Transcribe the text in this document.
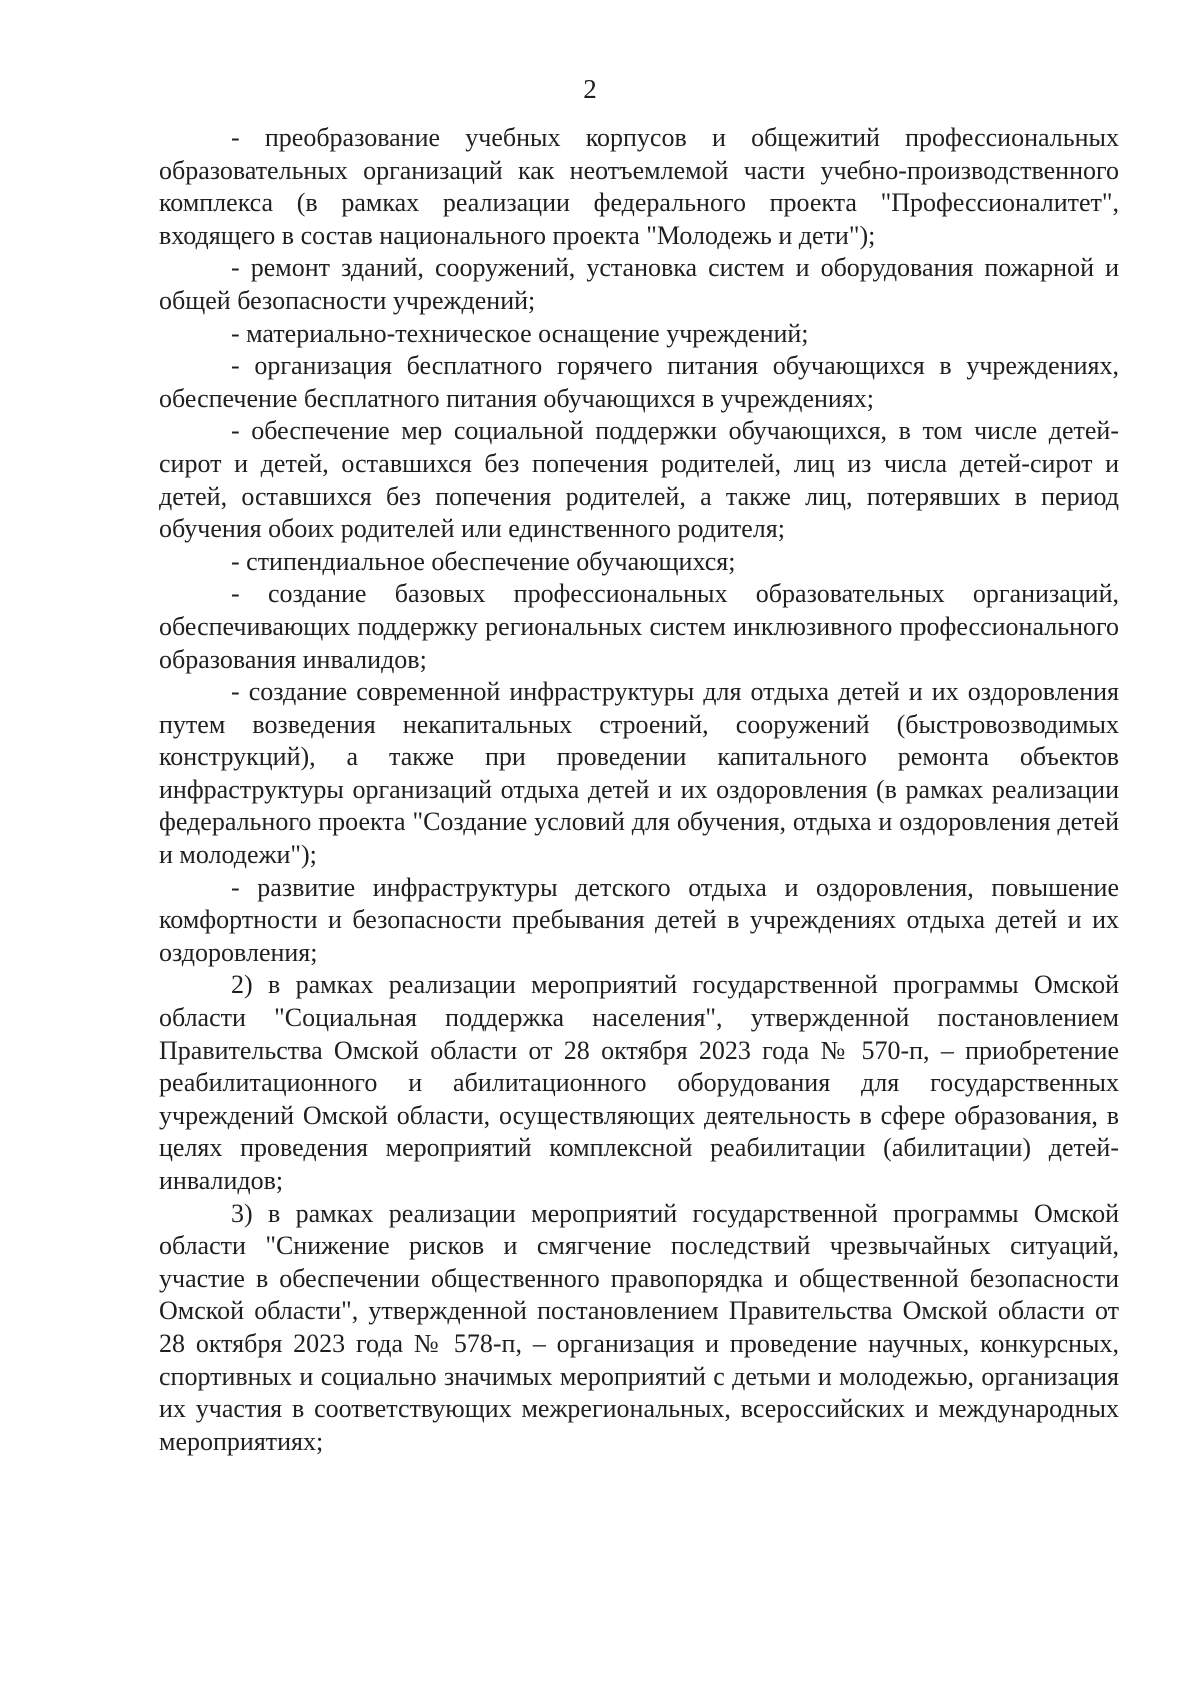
2

- преобразование учебных корпусов и общежитий профессиональных образовательных организаций как неотъемлемой части учебно-производственного комплекса (в рамках реализации федерального проекта "Профессионалитет", входящего в состав национального проекта "Молодежь и дети");

- ремонт зданий, сооружений, установка систем и оборудования пожарной и общей безопасности учреждений;

- материально-техническое оснащение учреждений;

- организация бесплатного горячего питания обучающихся в учреждениях, обеспечение бесплатного питания обучающихся в учреждениях;

- обеспечение мер социальной поддержки обучающихся, в том числе детей-сирот и детей, оставшихся без попечения родителей, лиц из числа детей-сирот и детей, оставшихся без попечения родителей, а также лиц, потерявших в период обучения обоих родителей или единственного родителя;

- стипендиальное обеспечение обучающихся;

- создание базовых профессиональных образовательных организаций, обеспечивающих поддержку региональных систем инклюзивного профессионального образования инвалидов;

- создание современной инфраструктуры для отдыха детей и их оздоровления путем возведения некапитальных строений, сооружений (быстровозводимых конструкций), а также при проведении капитального ремонта объектов инфраструктуры организаций отдыха детей и их оздоровления (в рамках реализации федерального проекта "Создание условий для обучения, отдыха и оздоровления детей и молодежи");

- развитие инфраструктуры детского отдыха и оздоровления, повышение комфортности и безопасности пребывания детей в учреждениях отдыха детей и их оздоровления;

2) в рамках реализации мероприятий государственной программы Омской области "Социальная поддержка населения", утвержденной постановлением Правительства Омской области от 28 октября 2023 года № 570-п, – приобретение реабилитационного и абилитационного оборудования для государственных учреждений Омской области, осуществляющих деятельность в сфере образования, в целях проведения мероприятий комплексной реабилитации (абилитации) детей-инвалидов;

3) в рамках реализации мероприятий государственной программы Омской области "Снижение рисков и смягчение последствий чрезвычайных ситуаций, участие в обеспечении общественного правопорядка и общественной безопасности Омской области", утвержденной постановлением Правительства Омской области от 28 октября 2023 года № 578-п, – организация и проведение научных, конкурсных, спортивных и социально значимых мероприятий с детьми и молодежью, организация их участия в соответствующих межрегиональных, всероссийских и международных мероприятиях;
